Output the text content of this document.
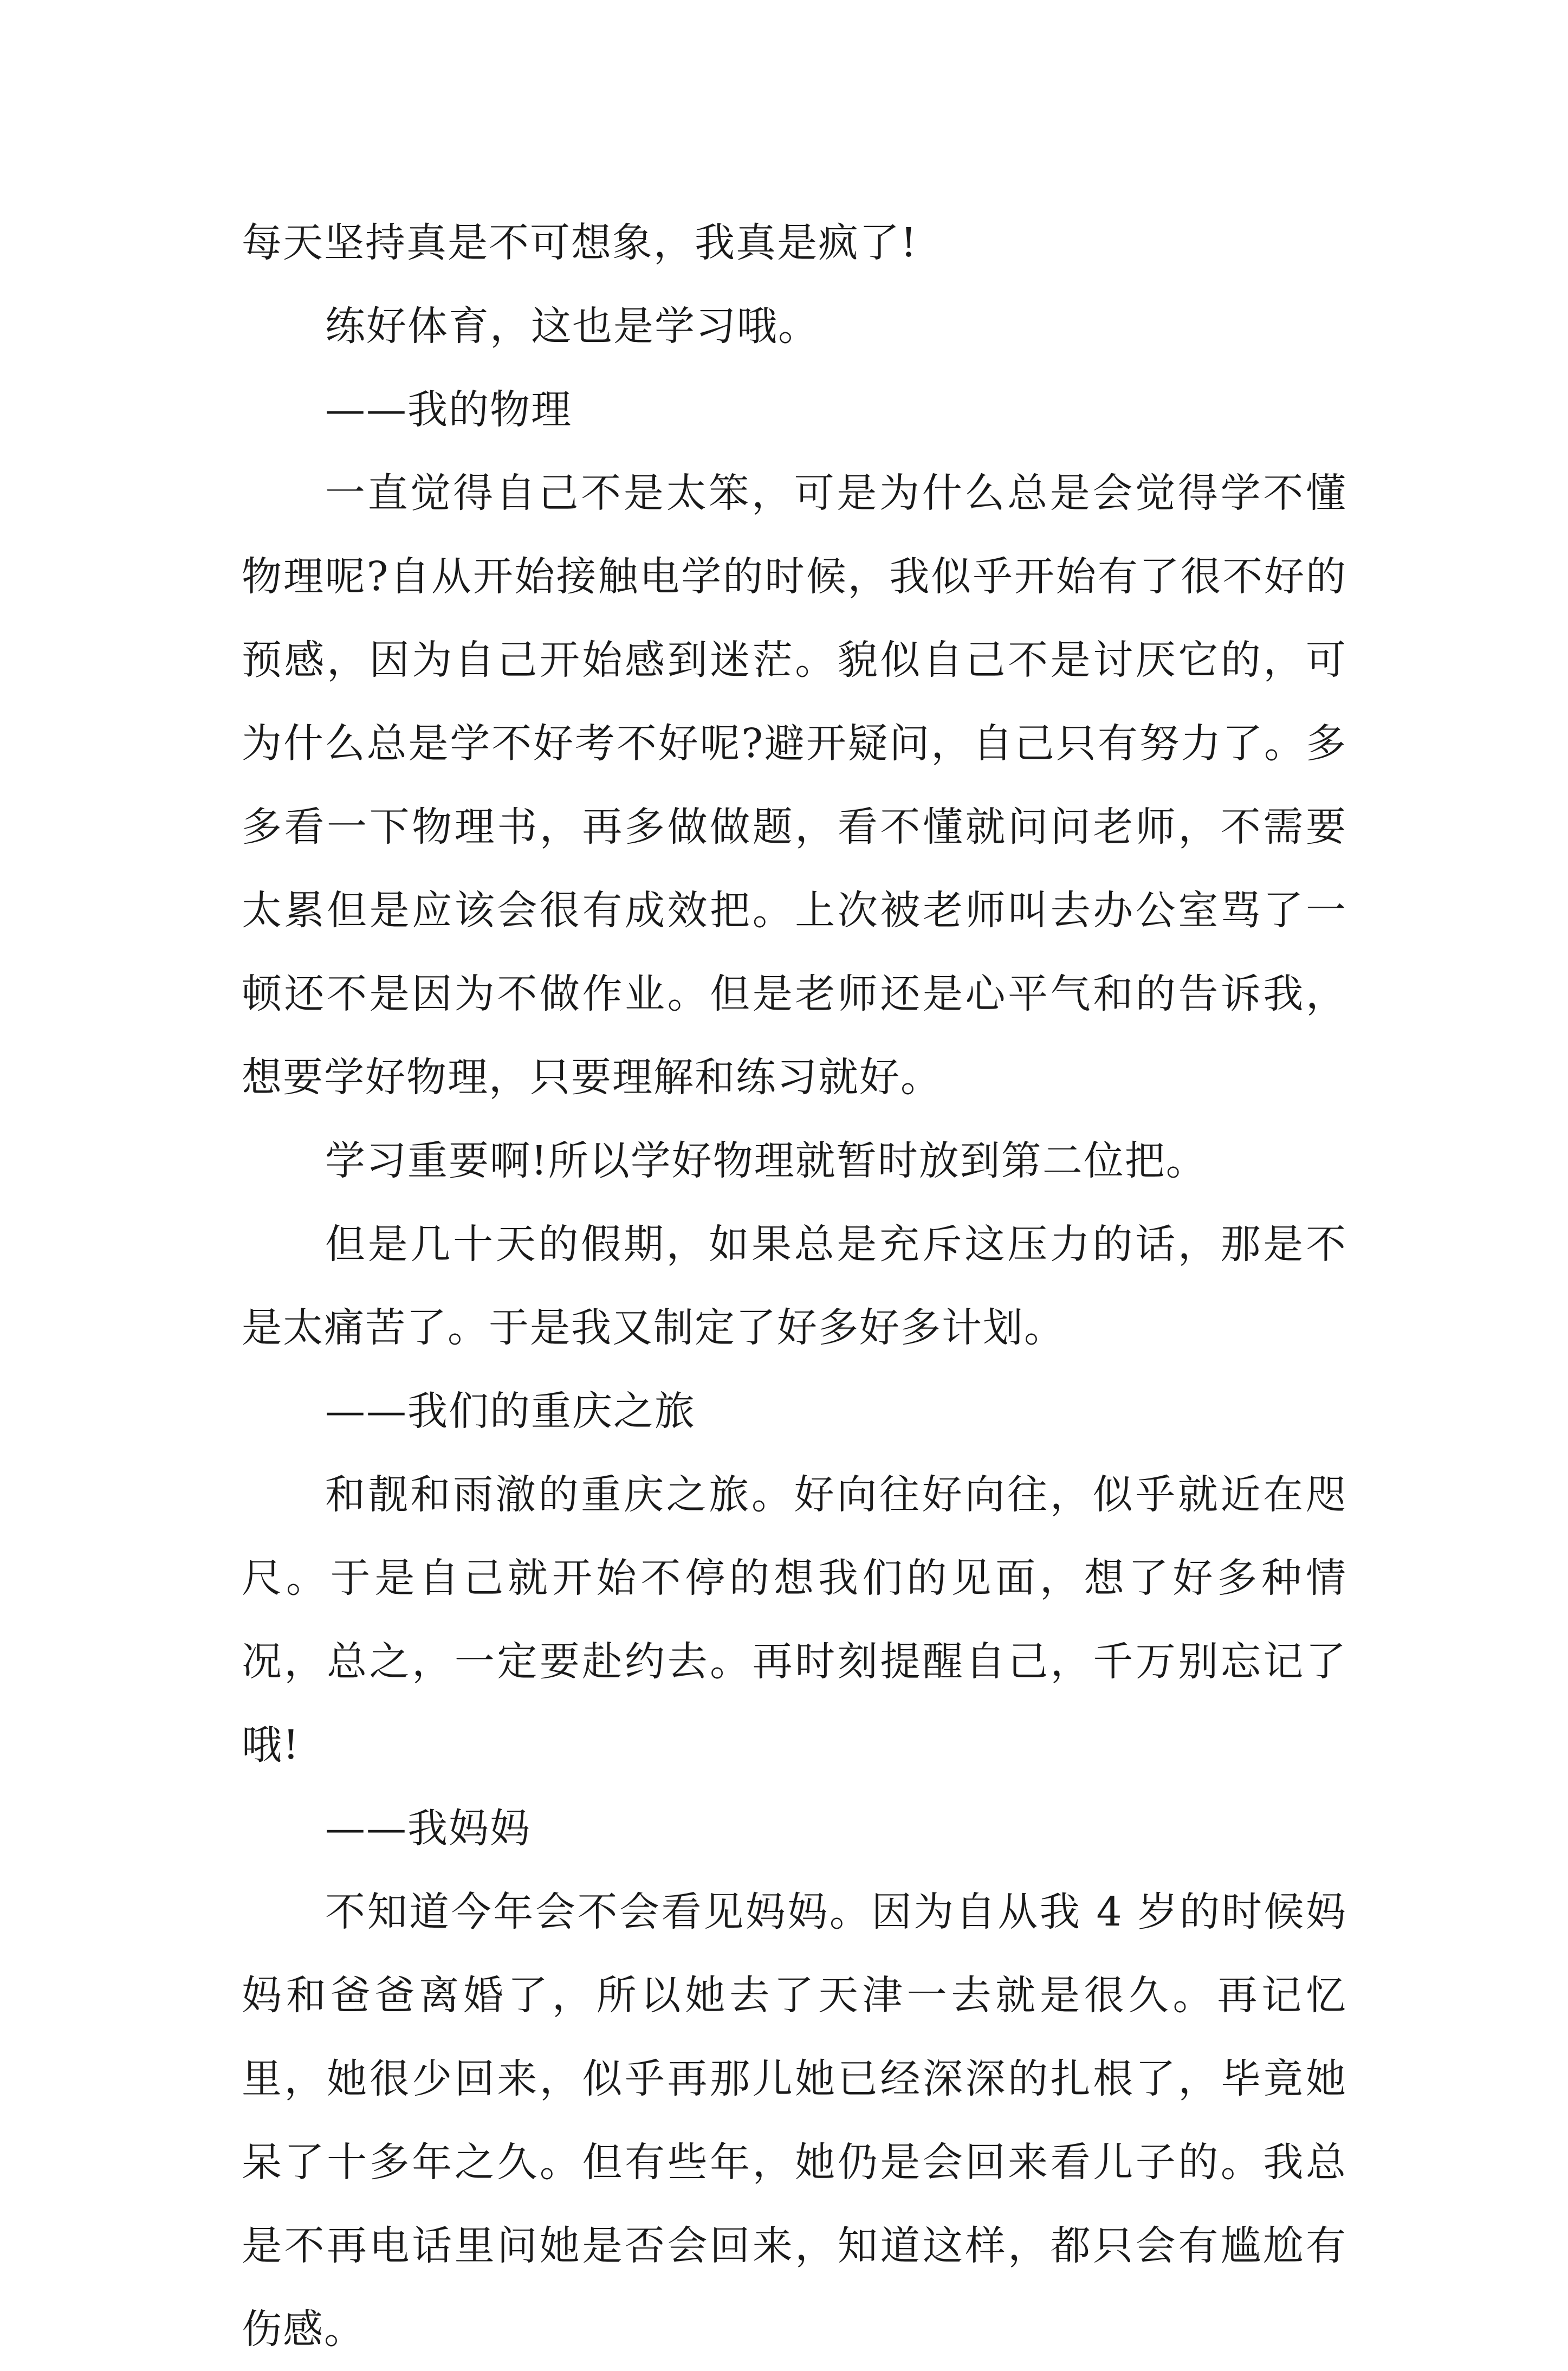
每天坚持真是不可想象，我真是疯了!

练好体育，这也是学习哦。

——我的物理

一直觉得自己不是太笨，可是为什么总是会觉得学不懂物理呢?自从开始接触电学的时候，我似乎开始有了很不好的预感，因为自己开始感到迷茫。貌似自己不是讨厌它的，可为什么总是学不好考不好呢?避开疑问，自己只有努力了。多多看一下物理书，再多做做题，看不懂就问问老师，不需要太累但是应该会很有成效把。上次被老师叫去办公室骂了一顿还不是因为不做作业。但是老师还是心平气和的告诉我，想要学好物理，只要理解和练习就好。

学习重要啊!所以学好物理就暂时放到第二位把。

但是几十天的假期，如果总是充斥这压力的话，那是不是太痛苦了。于是我又制定了好多好多计划。

——我们的重庆之旅

和靓和雨澈的重庆之旅。好向往好向往，似乎就近在咫尺。于是自己就开始不停的想我们的见面，想了好多种情况，总之，一定要赴约去。再时刻提醒自己，千万别忘记了哦!

——我妈妈

不知道今年会不会看见妈妈。因为自从我 4 岁的时候妈妈和爸爸离婚了，所以她去了天津一去就是很久。再记忆里，她很少回来，似乎再那儿她已经深深的扎根了，毕竟她呆了十多年之久。但有些年，她仍是会回来看儿子的。我总是不再电话里问她是否会回来，知道这样，都只会有尴尬有伤感。
